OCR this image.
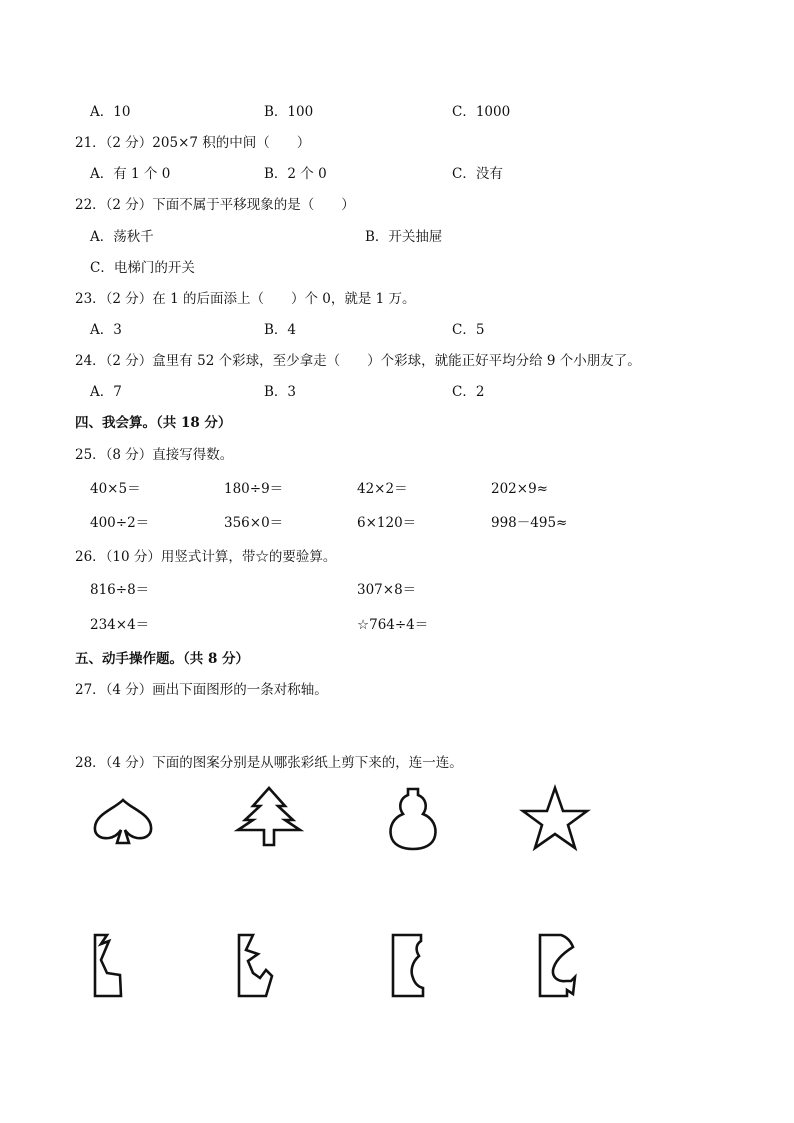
A．10	B．100	C．1000
21．（2 分）205×7 积的中间（　　）
A．有 1 个 0	B．2 个 0	C．没有
22．（2 分）下面不属于平移现象的是（　　）
A．荡秋千	B．开关抽屉
C．电梯门的开关
23．（2 分）在 1 的后面添上（　　）个 0，就是 1 万。
A．3	B．4	C．5
24．（2 分）盒里有 52 个彩球，至少拿走（　　）个彩球，就能正好平均分给 9 个小朋友了。
A．7	B．3	C．2
四、我会算。（共 18 分）
25．（8 分）直接写得数。
40×5＝	180÷9＝	42×2＝	202×9≈
400÷2＝	356×0＝	6×120＝	998－495≈
26．（10 分）用竖式计算，带☆的要验算。
816÷8＝	307×8＝
234×4＝	☆764÷4＝
五、动手操作题。（共 8 分）
27．（4 分）画出下面图形的一条对称轴。
28．（4 分）下面的图案分别是从哪张彩纸上剪下来的，连一连。
